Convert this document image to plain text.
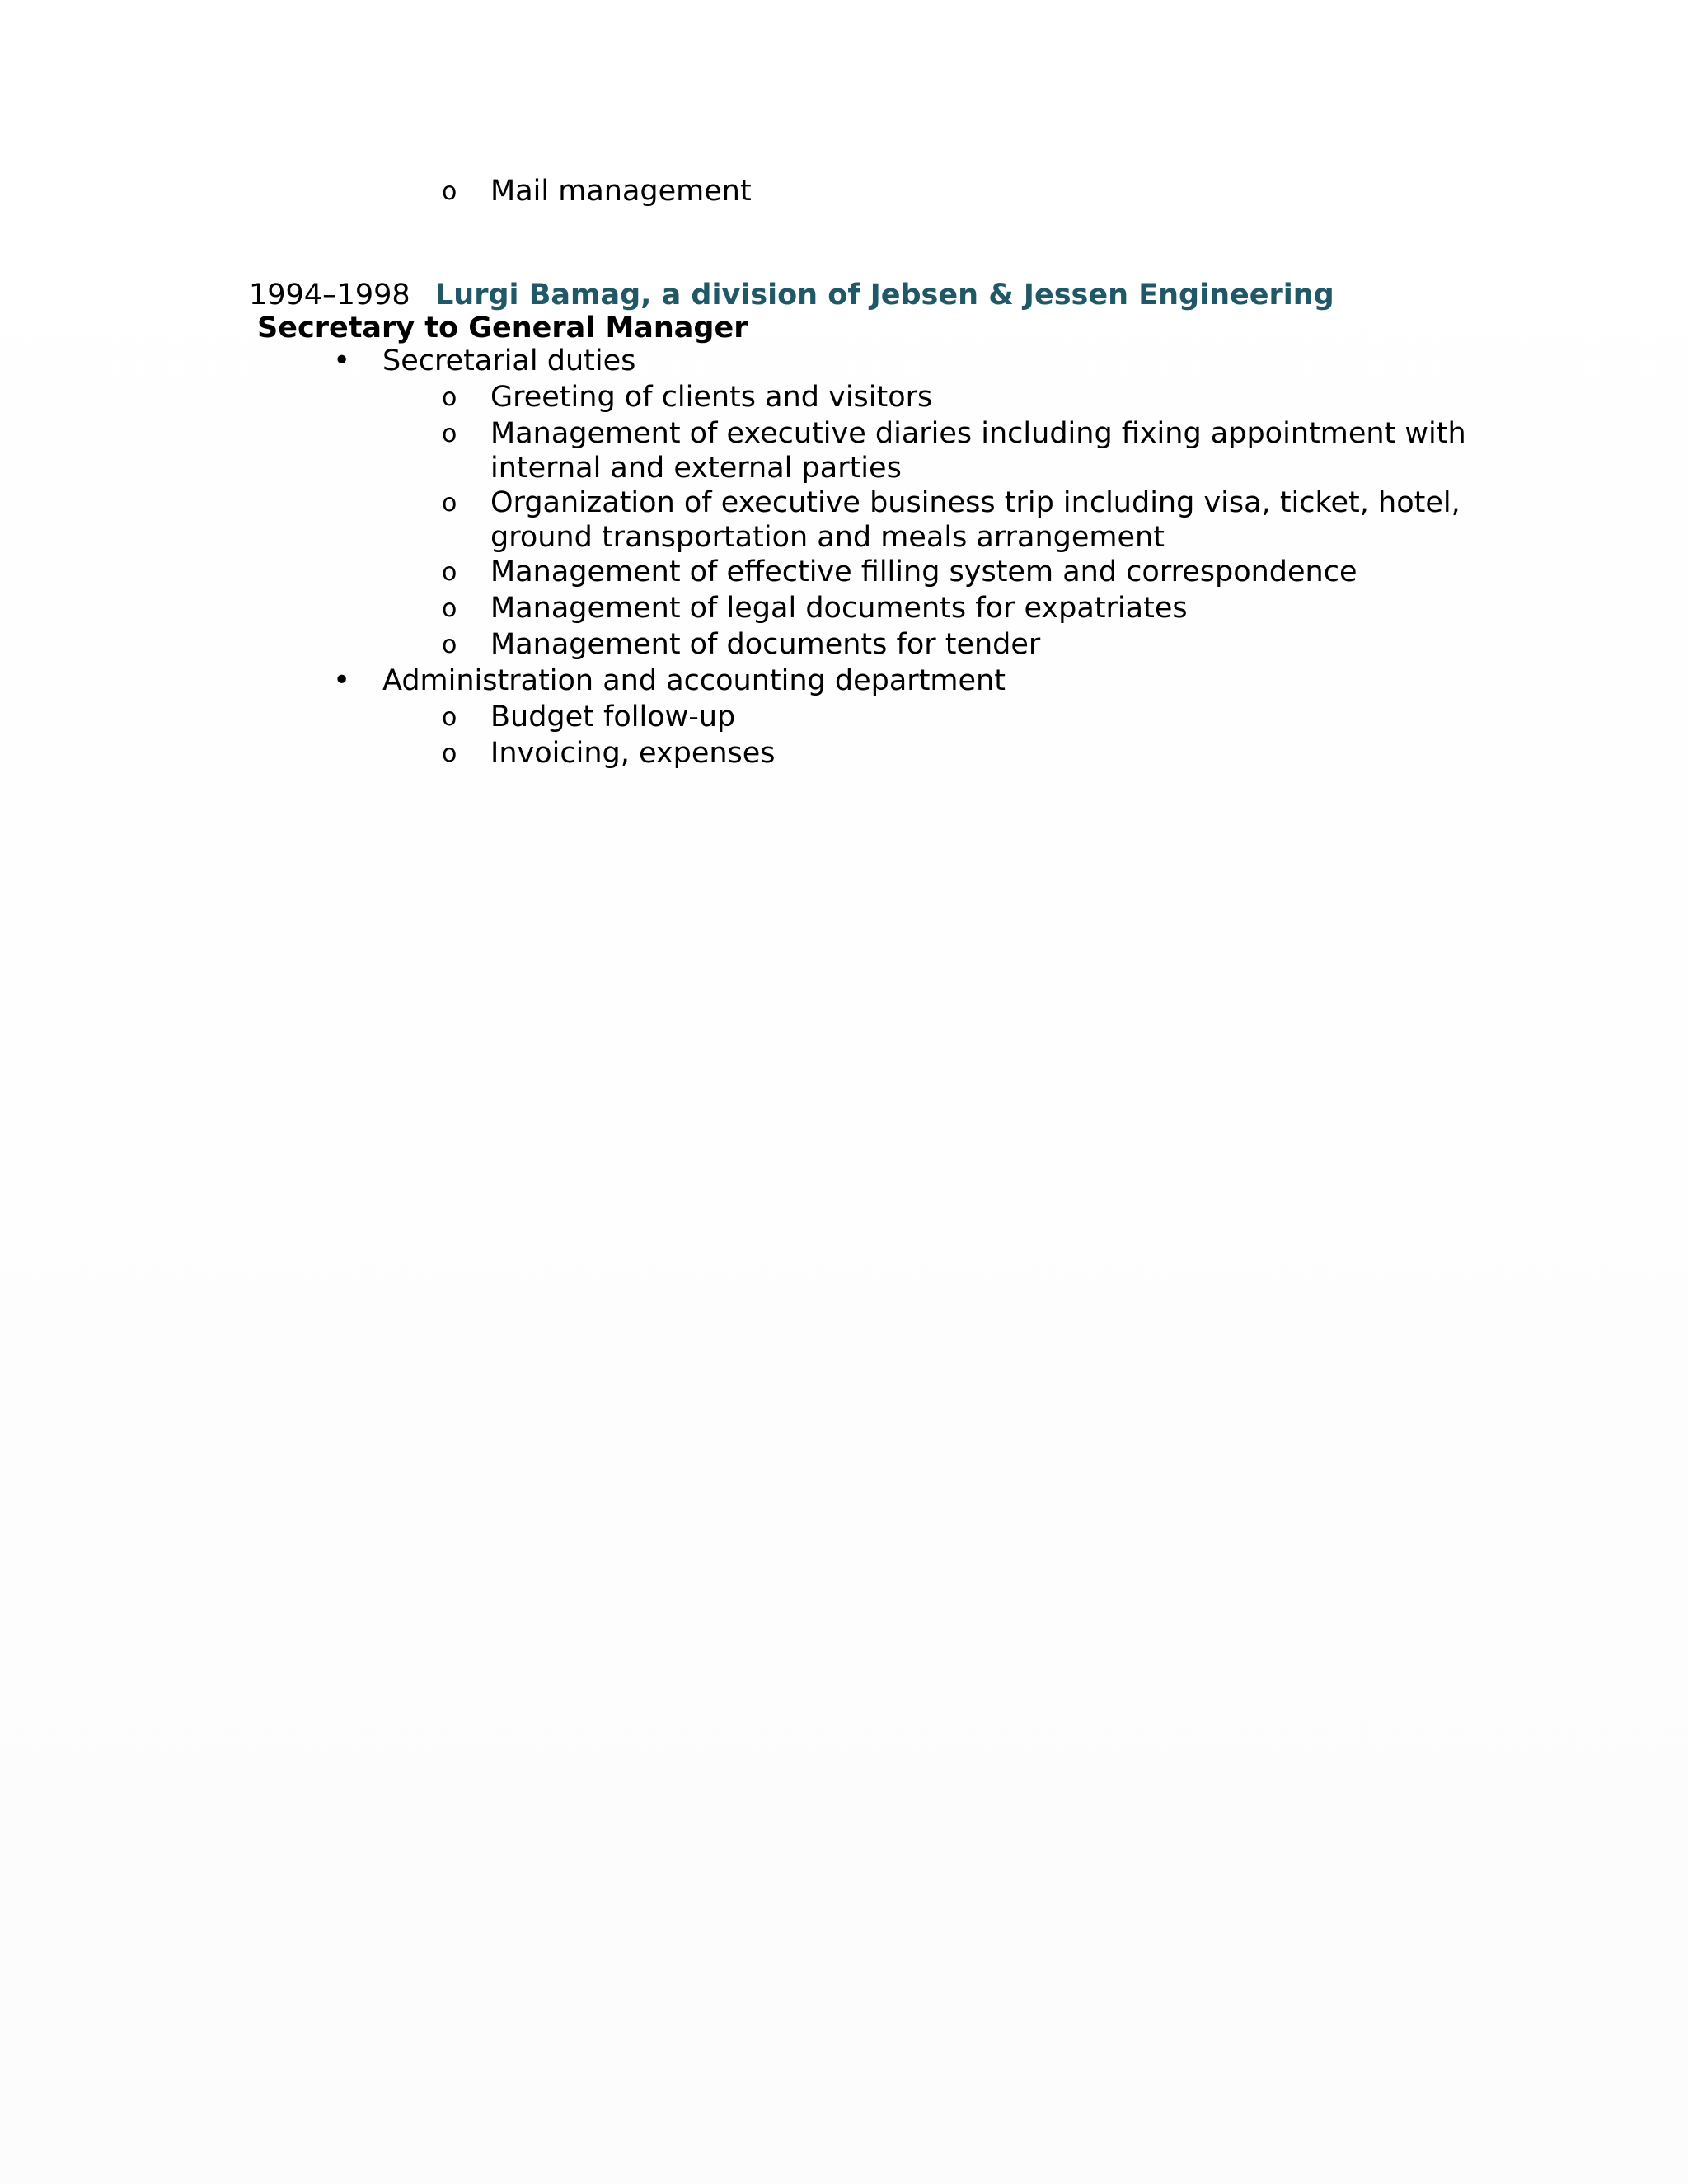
o Mail management
1994–1998 Lurgi Bamag, a division of Jebsen & Jessen Engineering
Secretary to General Manager
• Secretarial duties
o Greeting of clients and visitors
o Management of executive diaries including fixing appointment with
internal and external parties
o Organization of executive business trip including visa, ticket, hotel,
ground transportation and meals arrangement
o Management of effective filling system and correspondence
o Management of legal documents for expatriates
o Management of documents for tender
• Administration and accounting department
o Budget follow-up
o Invoicing, expenses
